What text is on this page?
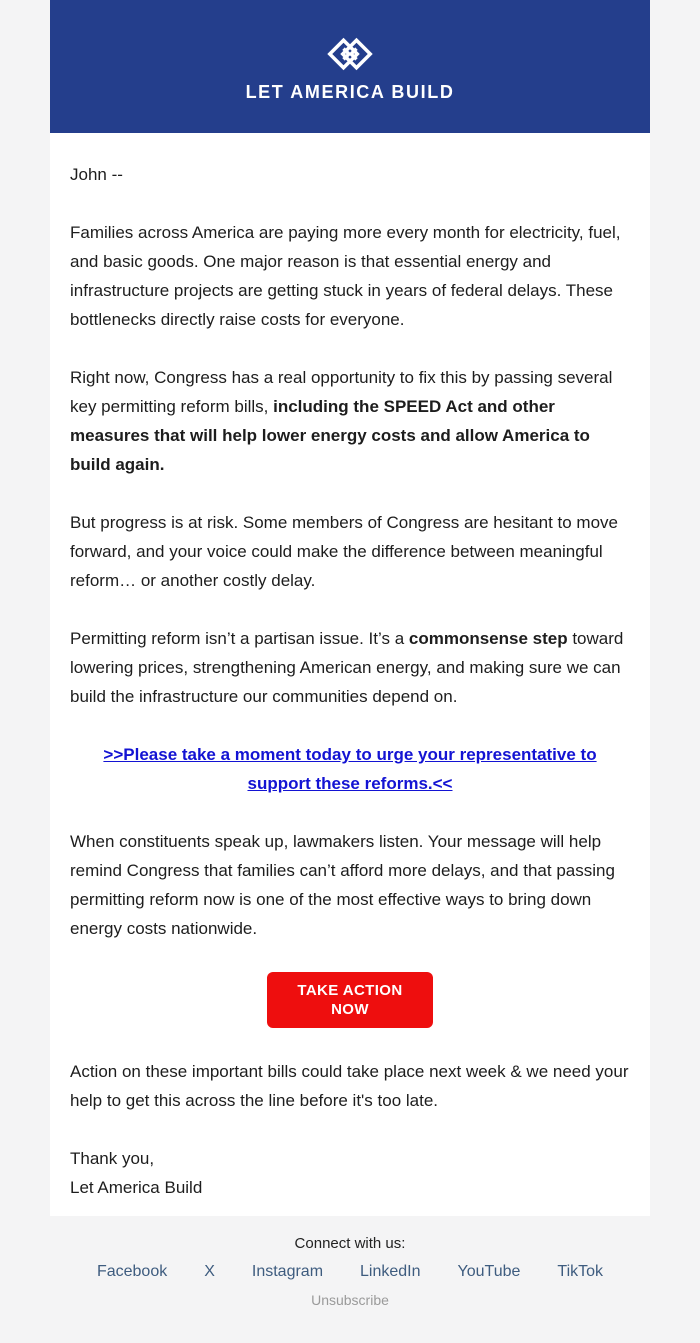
LET AMERICA BUILD

John --

Families across America are paying more every month for electricity, fuel, and basic goods. One major reason is that essential energy and infrastructure projects are getting stuck in years of federal delays. These bottlenecks directly raise costs for everyone.

Right now, Congress has a real opportunity to fix this by passing several key permitting reform bills, including the SPEED Act and other measures that will help lower energy costs and allow America to build again.

But progress is at risk. Some members of Congress are hesitant to move forward, and your voice could make the difference between meaningful reform… or another costly delay.

Permitting reform isn’t a partisan issue. It’s a commonsense step toward lowering prices, strengthening American energy, and making sure we can build the infrastructure our communities depend on.

>>Please take a moment today to urge your representative to support these reforms.<<

When constituents speak up, lawmakers listen. Your message will help remind Congress that families can’t afford more delays, and that passing permitting reform now is one of the most effective ways to bring down energy costs nationwide.

TAKE ACTION
NOW

Action on these important bills could take place next week & we need your help to get this across the line before it's too late.

Thank you,
Let America Build

Connect with us:
Facebook X Instagram LinkedIn YouTube TikTok
Unsubscribe
